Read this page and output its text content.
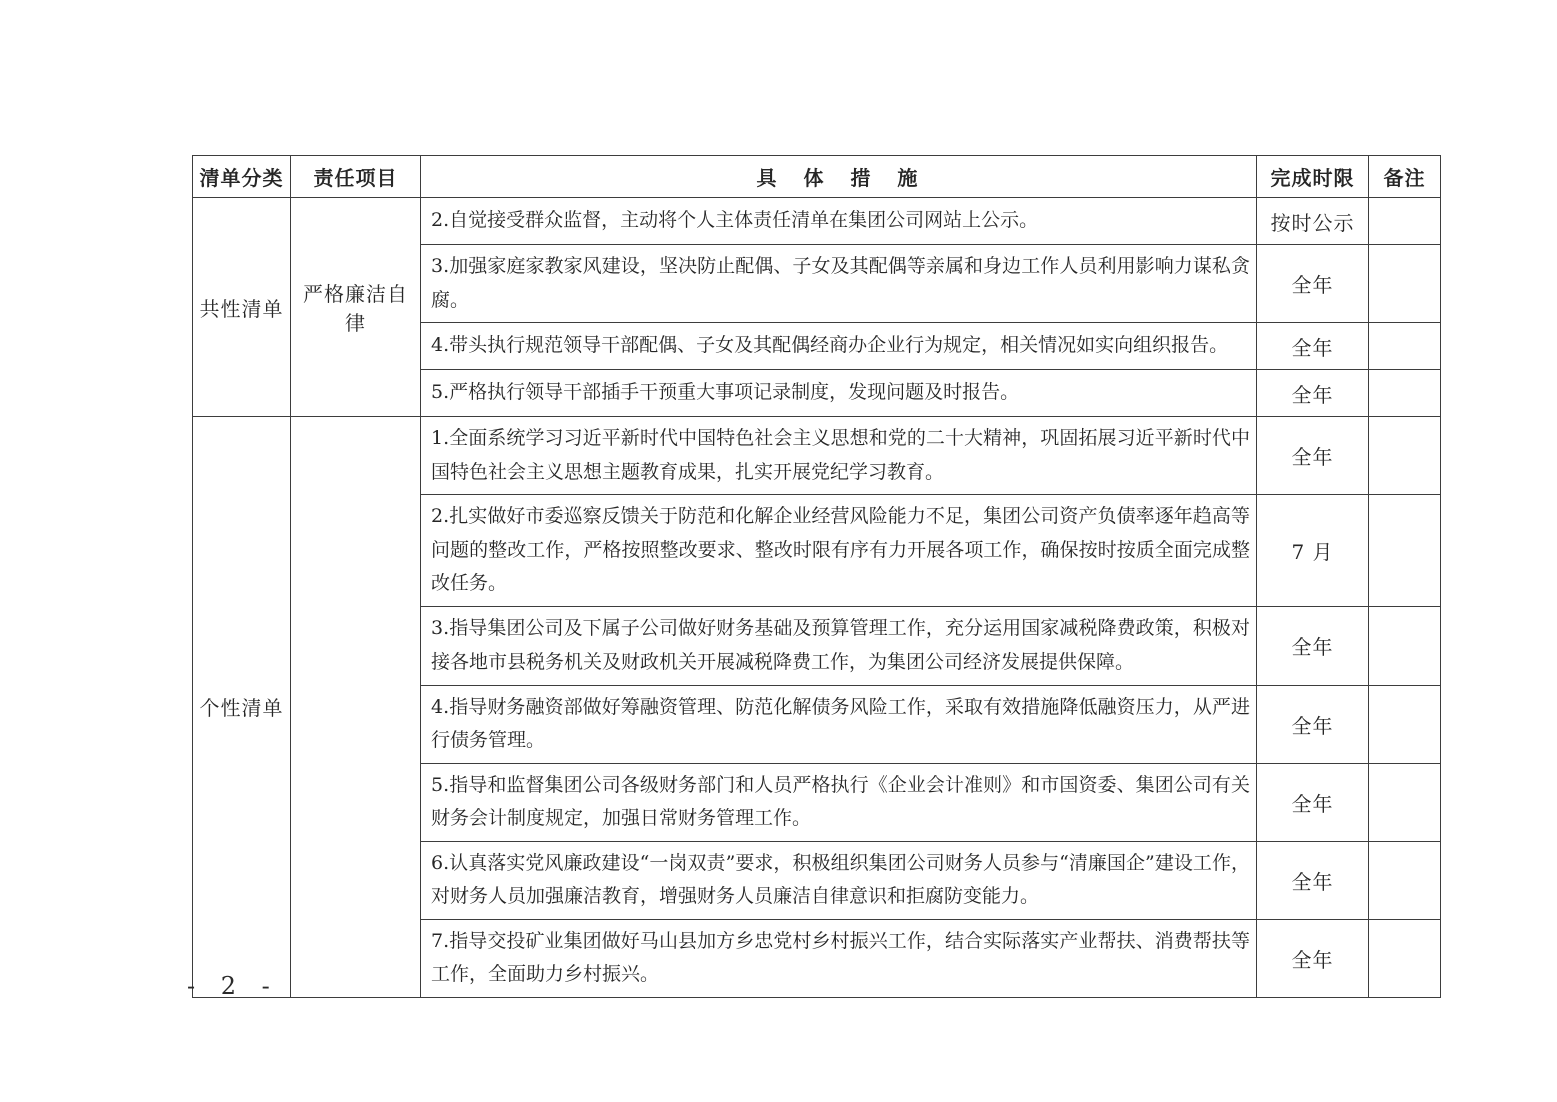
清单分类	责任项目	具 体 措 施	完成时限	备注
共性清单	严格廉洁自律	2.自觉接受群众监督，主动将个人主体责任清单在集团公司网站上公示。	按时公示	
		3.加强家庭家教家风建设，坚决防止配偶、子女及其配偶等亲属和身边工作人员利用影响力谋私贪腐。	全年	
		4.带头执行规范领导干部配偶、子女及其配偶经商办企业行为规定，相关情况如实向组织报告。	全年	
		5.严格执行领导干部插手干预重大事项记录制度，发现问题及时报告。	全年	
个性清单		1.全面系统学习习近平新时代中国特色社会主义思想和党的二十大精神，巩固拓展习近平新时代中国特色社会主义思想主题教育成果，扎实开展党纪学习教育。	全年	
		2.扎实做好市委巡察反馈关于防范和化解企业经营风险能力不足，集团公司资产负债率逐年趋高等问题的整改工作，严格按照整改要求、整改时限有序有力开展各项工作，确保按时按质全面完成整改任务。	7 月	
		3.指导集团公司及下属子公司做好财务基础及预算管理工作，充分运用国家减税降费政策，积极对接各地市县税务机关及财政机关开展减税降费工作，为集团公司经济发展提供保障。	全年	
		4.指导财务融资部做好筹融资管理、防范化解债务风险工作，采取有效措施降低融资压力，从严进行债务管理。	全年	
		5.指导和监督集团公司各级财务部门和人员严格执行《企业会计准则》和市国资委、集团公司有关财务会计制度规定，加强日常财务管理工作。	全年	
		6.认真落实党风廉政建设“一岗双责”要求，积极组织集团公司财务人员参与“清廉国企”建设工作，对财务人员加强廉洁教育，增强财务人员廉洁自律意识和拒腐防变能力。	全年	
		7.指导交投矿业集团做好马山县加方乡忠党村乡村振兴工作，结合实际落实产业帮扶、消费帮扶等工作，全面助力乡村振兴。	全年	
- 2 -
